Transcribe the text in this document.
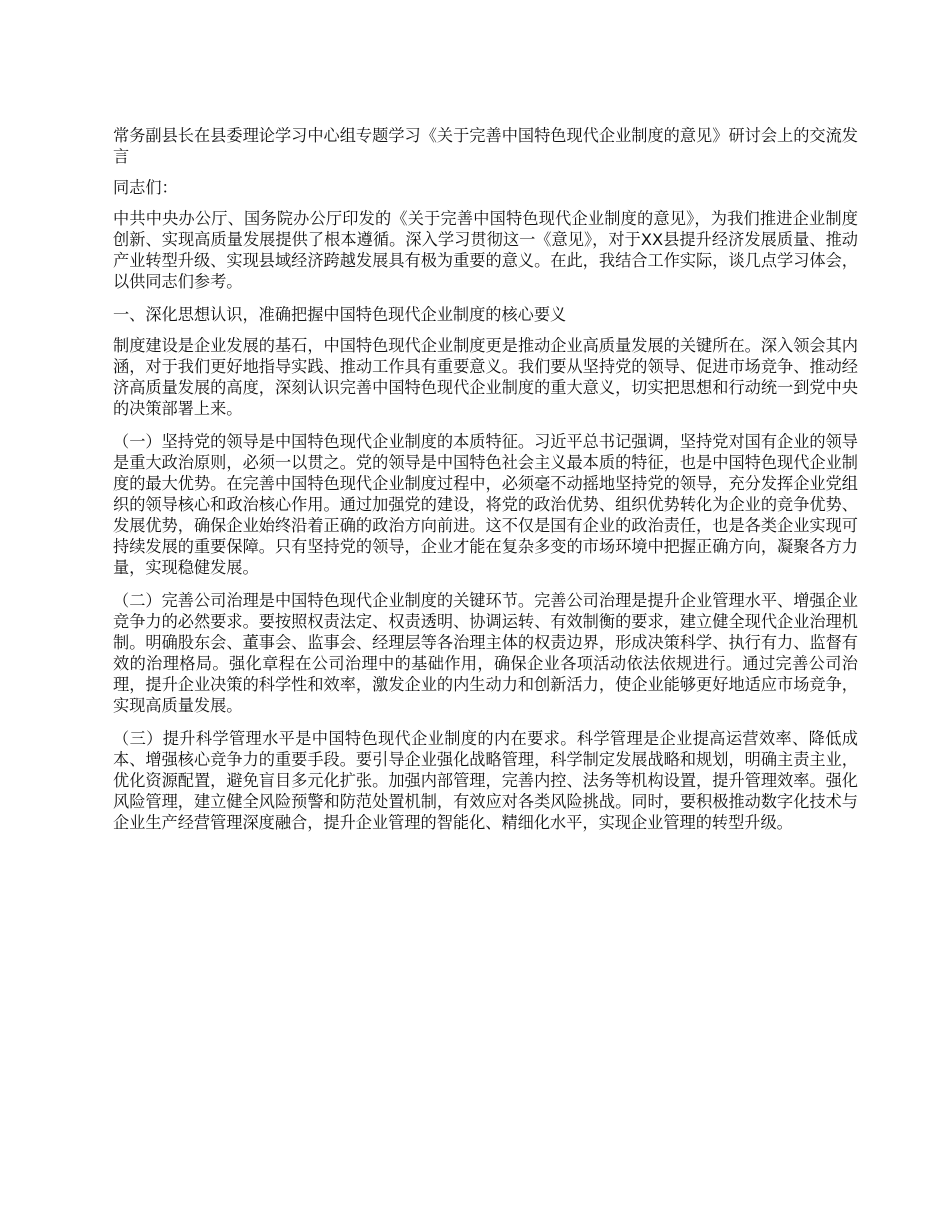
常务副县长在县委理论学习中心组专题学习《关于完善中国特色现代企业制度的意见》研讨会上的交流发言

同志们：

中共中央办公厅、国务院办公厅印发的《关于完善中国特色现代企业制度的意见》，为我们推进企业制度创新、实现高质量发展提供了根本遵循。深入学习贯彻这一《意见》，对于XX县提升经济发展质量、推动产业转型升级、实现县域经济跨越发展具有极为重要的意义。在此，我结合工作实际，谈几点学习体会，以供同志们参考。

一、深化思想认识，准确把握中国特色现代企业制度的核心要义

制度建设是企业发展的基石，中国特色现代企业制度更是推动企业高质量发展的关键所在。深入领会其内涵，对于我们更好地指导实践、推动工作具有重要意义。我们要从坚持党的领导、促进市场竞争、推动经济高质量发展的高度，深刻认识完善中国特色现代企业制度的重大意义，切实把思想和行动统一到党中央的决策部署上来。

（一）坚持党的领导是中国特色现代企业制度的本质特征。习近平总书记强调，坚持党对国有企业的领导是重大政治原则，必须一以贯之。党的领导是中国特色社会主义最本质的特征，也是中国特色现代企业制度的最大优势。在完善中国特色现代企业制度过程中，必须毫不动摇地坚持党的领导，充分发挥企业党组织的领导核心和政治核心作用。通过加强党的建设，将党的政治优势、组织优势转化为企业的竞争优势、发展优势，确保企业始终沿着正确的政治方向前进。这不仅是国有企业的政治责任，也是各类企业实现可持续发展的重要保障。只有坚持党的领导，企业才能在复杂多变的市场环境中把握正确方向，凝聚各方力量，实现稳健发展。

（二）完善公司治理是中国特色现代企业制度的关键环节。完善公司治理是提升企业管理水平、增强企业竞争力的必然要求。要按照权责法定、权责透明、协调运转、有效制衡的要求，建立健全现代企业治理机制。明确股东会、董事会、监事会、经理层等各治理主体的权责边界，形成决策科学、执行有力、监督有效的治理格局。强化章程在公司治理中的基础作用，确保企业各项活动依法依规进行。通过完善公司治理，提升企业决策的科学性和效率，激发企业的内生动力和创新活力，使企业能够更好地适应市场竞争，实现高质量发展。

（三）提升科学管理水平是中国特色现代企业制度的内在要求。科学管理是企业提高运营效率、降低成本、增强核心竞争力的重要手段。要引导企业强化战略管理，科学制定发展战略和规划，明确主责主业，优化资源配置，避免盲目多元化扩张。加强内部管理，完善内控、法务等机构设置，提升管理效率。强化风险管理，建立健全风险预警和防范处置机制，有效应对各类风险挑战。同时，要积极推动数字化技术与企业生产经营管理深度融合，提升企业管理的智能化、精细化水平，实现企业管理的转型升级。
